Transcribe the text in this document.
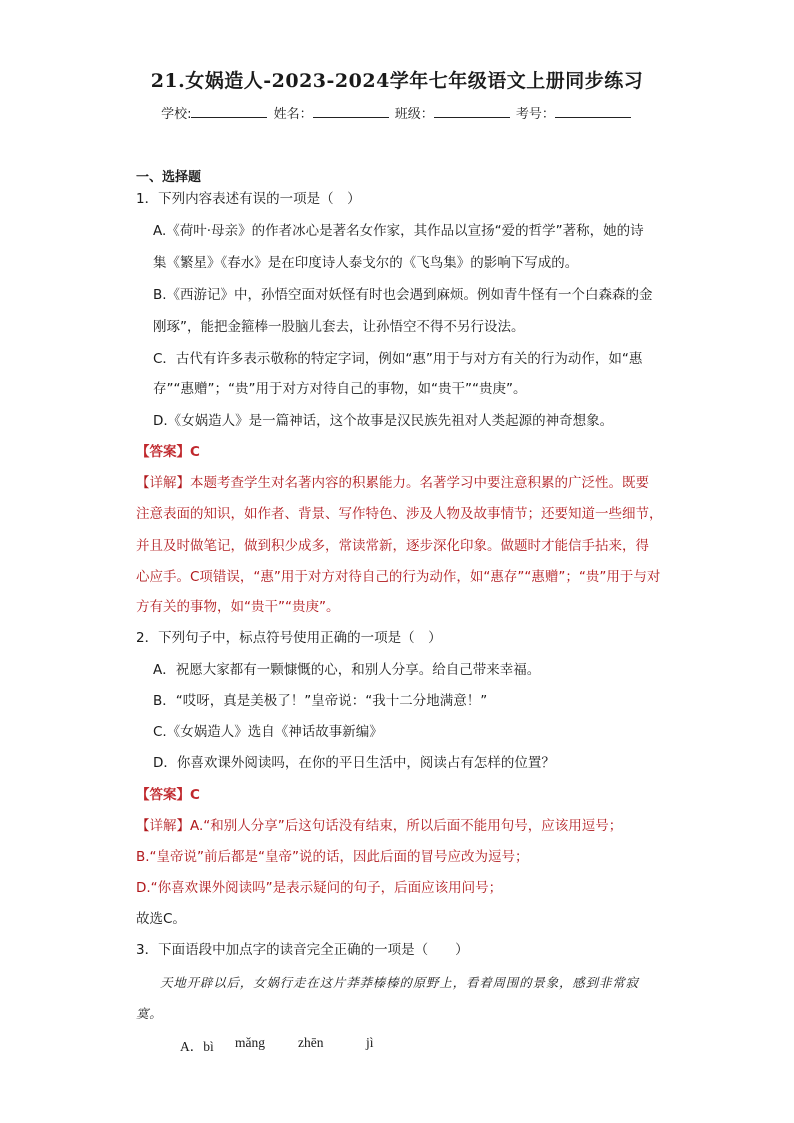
21.女娲造人-2023-2024学年七年级语文上册同步练习
学校:	姓名：	班级：	考号：
一、选择题
1．下列内容表述有误的一项是（　）
A.《荷叶·母亲》的作者冰心是著名女作家，其作品以宣扬“爱的哲学”著称，她的诗
集《繁星》《春水》是在印度诗人泰戈尔的《飞鸟集》的影响下写成的。
B.《西游记》中，孙悟空面对妖怪有时也会遇到麻烦。例如青牛怪有一个白森森的金
刚琢”，能把金箍棒一股脑儿套去，让孙悟空不得不另行设法。
C．古代有许多表示敬称的特定字词，例如“惠”用于与对方有关的行为动作，如“惠
存”“惠赠”；“贵”用于对方对待自己的事物，如“贵干”“贵庚”。
D.《女娲造人》是一篇神话，这个故事是汉民族先祖对人类起源的神奇想象。
【答案】C
【详解】本题考查学生对名著内容的积累能力。名著学习中要注意积累的广泛性。既要
注意表面的知识，如作者、背景、写作特色、涉及人物及故事情节；还要知道一些细节，
并且及时做笔记，做到积少成多，常读常新，逐步深化印象。做题时才能信手拈来，得
心应手。C项错误，“惠”用于对方对待自己的行为动作，如“惠存”“惠赠”；“贵”用于与对
方有关的事物，如“贵干”“贵庚”。
2．下列句子中，标点符号使用正确的一项是（　）
A．祝愿大家都有一颗慷慨的心，和别人分享。给自己带来幸福。
B．“哎呀，真是美极了！”皇帝说：“我十二分地满意！”
C.《女娲造人》选自《神话故事新编》
D．你喜欢课外阅读吗，在你的平日生活中，阅读占有怎样的位置？
【答案】C
【详解】A.“和别人分享”后这句话没有结束，所以后面不能用句号，应该用逗号；
B.“皇帝说”前后都是“皇帝”说的话，因此后面的冒号应改为逗号；
D.“你喜欢课外阅读吗”是表示疑问的句子，后面应该用问号；
故选C。
3．下面语段中加点字的读音完全正确的一项是（　　）
天地开辟以后，女娲行走在这片莽莽榛榛的原野上，看着周围的景象，感到非常寂
寞。
A．bì mǎng zhēn	jì
